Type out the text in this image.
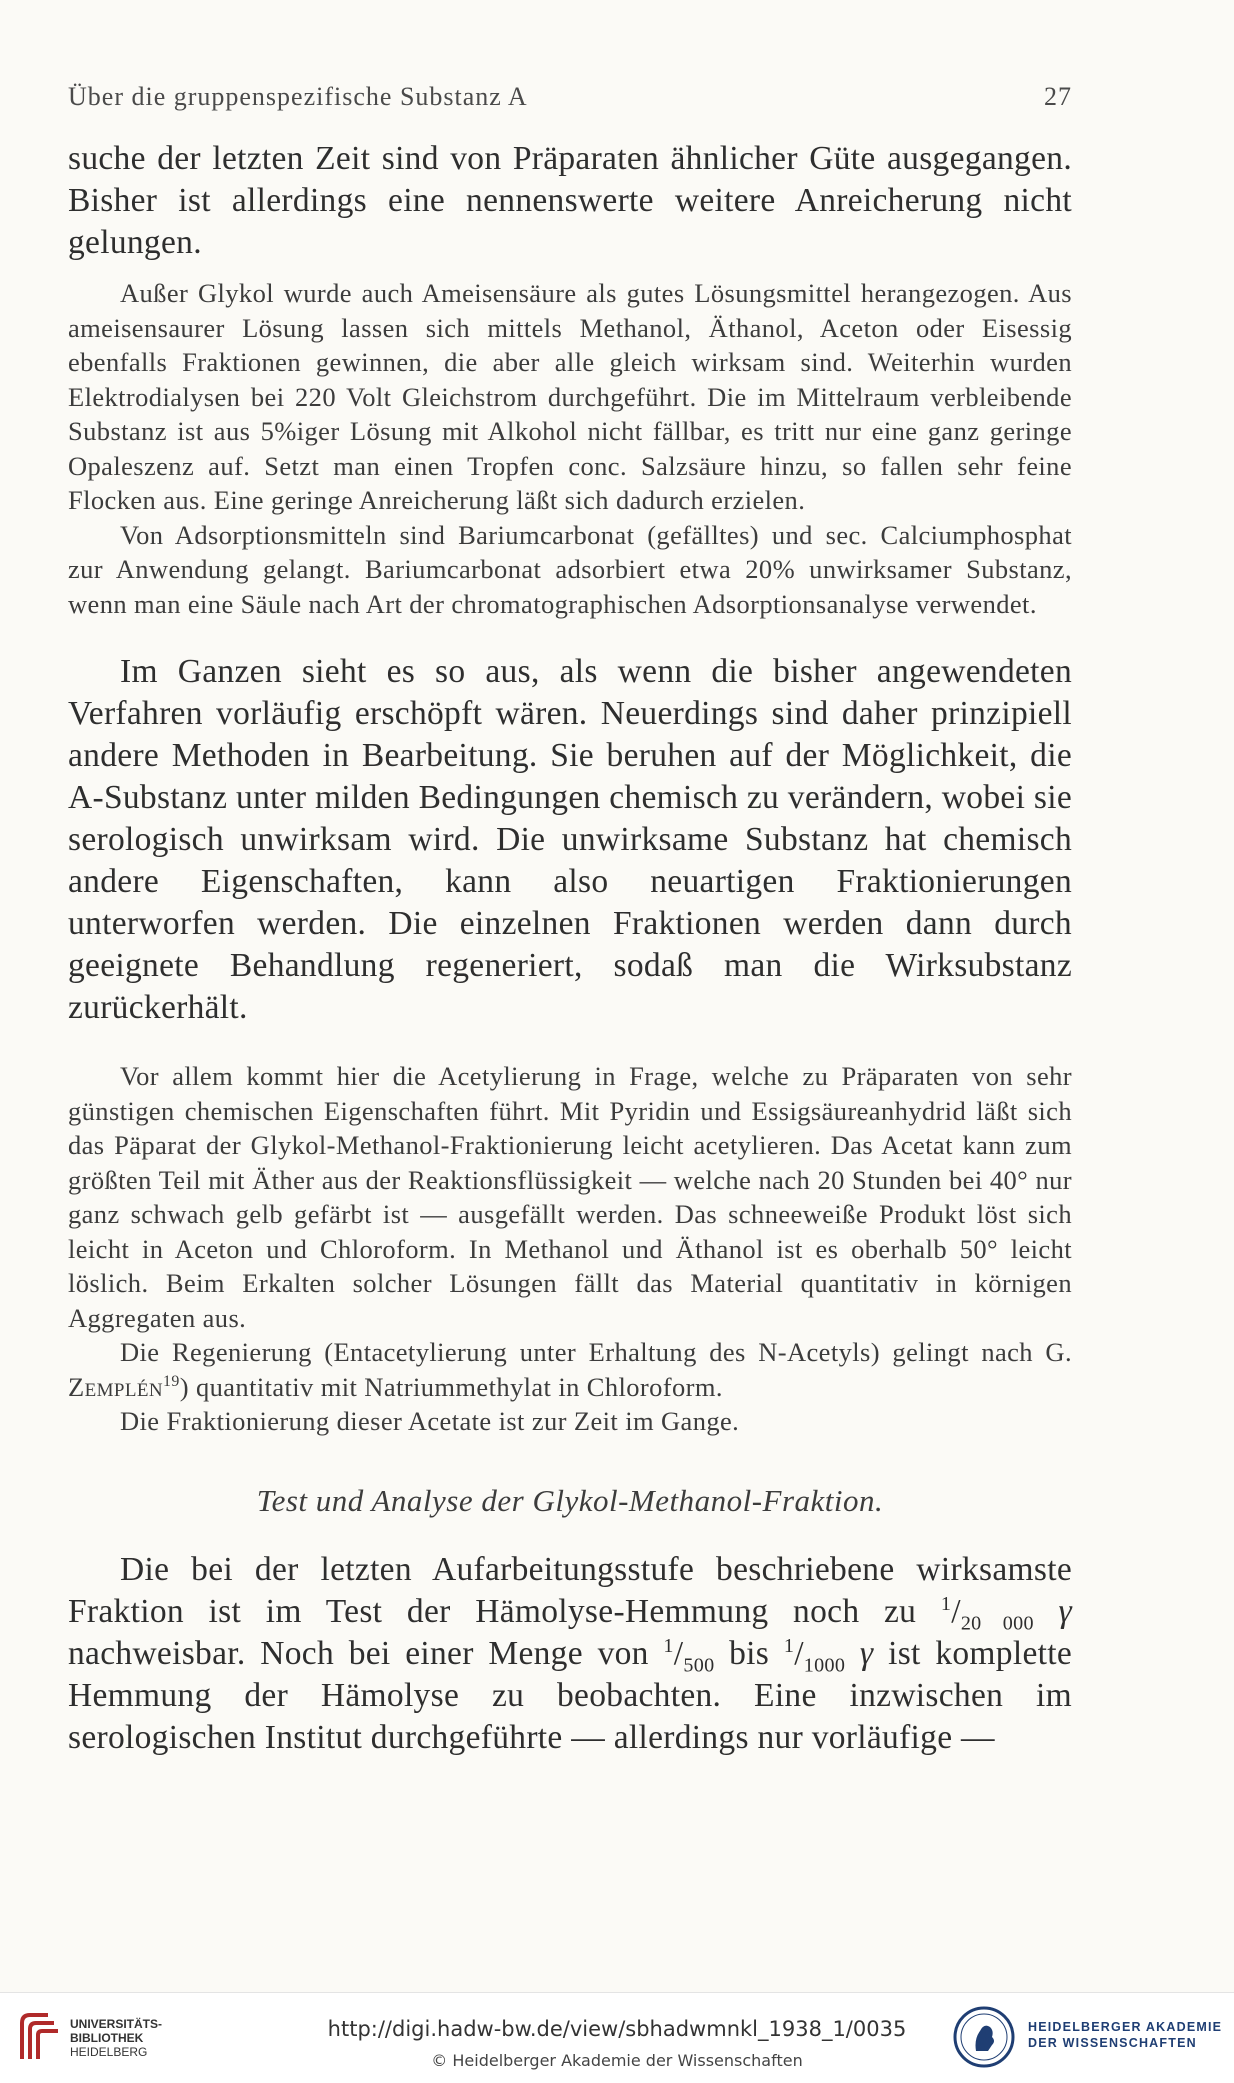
Über die gruppenspezifische Substanz A	27

suche der letzten Zeit sind von Präparaten ähnlicher Güte ausgegangen. Bisher ist allerdings eine nennenswerte weitere Anreicherung nicht gelungen.

Außer Glykol wurde auch Ameisensäure als gutes Lösungsmittel herangezogen. Aus ameisensaurer Lösung lassen sich mittels Methanol, Äthanol, Aceton oder Eisessig ebenfalls Fraktionen gewinnen, die aber alle gleich wirksam sind. Weiterhin wurden Elektrodialysen bei 220 Volt Gleichstrom durchgeführt. Die im Mittelraum verbleibende Substanz ist aus 5%iger Lösung mit Alkohol nicht fällbar, es tritt nur eine ganz geringe Opaleszenz auf. Setzt man einen Tropfen conc. Salzsäure hinzu, so fallen sehr feine Flocken aus. Eine geringe Anreicherung läßt sich dadurch erzielen.

Von Adsorptionsmitteln sind Bariumcarbonat (gefälltes) und sec. Calciumphosphat zur Anwendung gelangt. Bariumcarbonat adsorbiert etwa 20% unwirksamer Substanz, wenn man eine Säule nach Art der chromatographischen Adsorptionsanalyse verwendet.

Im Ganzen sieht es so aus, als wenn die bisher angewendeten Verfahren vorläufig erschöpft wären. Neuerdings sind daher prinzipiell andere Methoden in Bearbeitung. Sie beruhen auf der Möglichkeit, die A-Substanz unter milden Bedingungen chemisch zu verändern, wobei sie serologisch unwirksam wird. Die unwirksame Substanz hat chemisch andere Eigenschaften, kann also neuartigen Fraktionierungen unterworfen werden. Die einzelnen Fraktionen werden dann durch geeignete Behandlung regeneriert, sodaß man die Wirksubstanz zurückerhält.

Vor allem kommt hier die Acetylierung in Frage, welche zu Präparaten von sehr günstigen chemischen Eigenschaften führt. Mit Pyridin und Essigsäureanhydrid läßt sich das Päparat der Glykol-Methanol-Fraktionierung leicht acetylieren. Das Acetat kann zum größten Teil mit Äther aus der Reaktionsflüssigkeit — welche nach 20 Stunden bei 40° nur ganz schwach gelb gefärbt ist — ausgefällt werden. Das schneeweiße Produkt löst sich leicht in Aceton und Chloroform. In Methanol und Äthanol ist es oberhalb 50° leicht löslich. Beim Erkalten solcher Lösungen fällt das Material quantitativ in körnigen Aggregaten aus.

Die Regenierung (Entacetylierung unter Erhaltung des N-Acetyls) gelingt nach G. Zemplén$^{19}$) quantitativ mit Natriummethylat in Chloroform.

Die Fraktionierung dieser Acetate ist zur Zeit im Gange.

Test und Analyse der Glykol-Methanol-Fraktion.

Die bei der letzten Aufarbeitungsstufe beschriebene wirksamste Fraktion ist im Test der Hämolyse-Hemmung noch zu $^1/_{20 000}$ γ nachweisbar. Noch bei einer Menge von $^1/_{500}$ bis $^1/_{1000}$ γ ist komplette Hemmung der Hämolyse zu beobachten. Eine inzwischen im serologischen Institut durchgeführte — allerdings nur vorläufige —

UNIVERSITÄTS-
BIBLIOTHEK
HEIDELBERG
http://digi.hadw-bw.de/view/sbhadwmnkl_1938_1/0035
© Heidelberger Akademie der Wissenschaften
HEIDELBERGER AKADEMIE
DER WISSENSCHAFTEN
